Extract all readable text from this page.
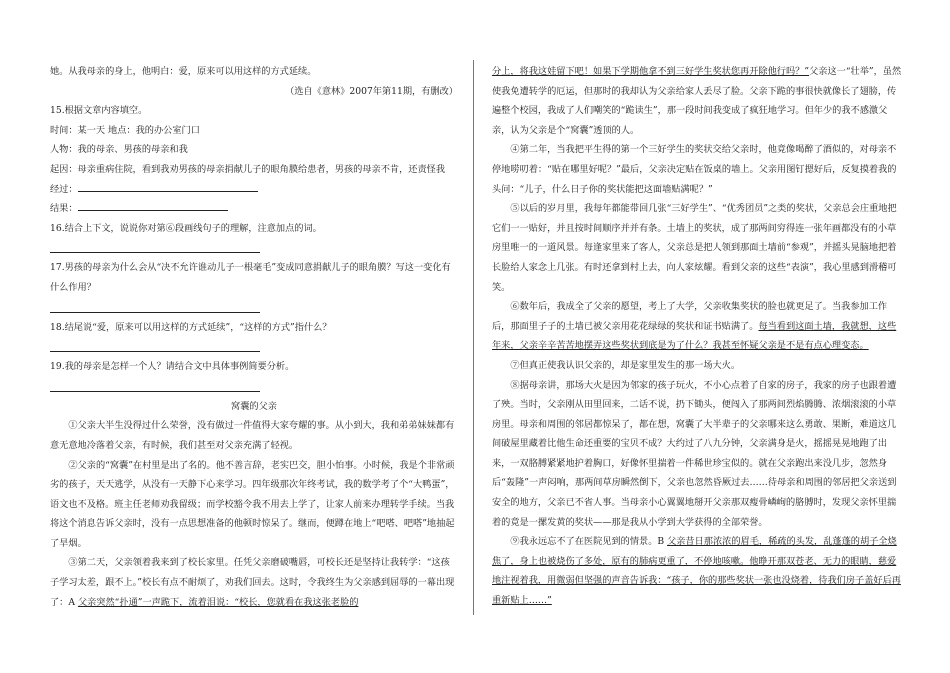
她。从我母亲的身上，他明白：爱，原来可以用这样的方式延续。

（选自《意林》2007年第11期，有删改）

15.根据文章内容填空。

时间：某一天 地点：我的办公室门口

人物：我的母亲、男孩的母亲和我

起因：母亲重病住院，看到我劝男孩的母亲捐献儿子的眼角膜给患者，男孩的母亲不肯，还责怪我

经过：

结果：

16.结合上下文，说说你对第⑥段画线句子的理解，注意加点的词。

17.男孩的母亲为什么会从“决不允许谁动儿子一根毫毛”变成同意捐献儿子的眼角膜？写这一变化有什么作用？

18.结尾说“爱，原来可以用这样的方式延续”，“这样的方式”指什么？

19.我的母亲是怎样一个人？请结合文中具体事例简要分析。

窝囊的父亲

①父亲大半生没得过什么荣誉，没有做过一件值得大家夸耀的事。从小到大，我和弟弟妹妹都有意无意地冷落着父亲，有时候，我们甚至对父亲充满了轻视。

②父亲的“窝囊”在村里是出了名的。他不善言辞，老实巴交，胆小怕事。小时候，我是个非常顽劣的孩子，天天逃学，从没有一天静下心来学习。四年级那次年终考试，我的数学考了个“大鸭蛋”，语文也不及格。班主任老师劝我留级；而学校豁令我不用去上学了，让家人前来办理转学手续。当我将这个消息告诉父亲时，没有一点思想准备的他顿时惊呆了。继而，便蹲在地上“吧嗒、吧嗒”地抽起了旱烟。

③第二天，父亲领着我来到了校长家里。任凭父亲磨破嘴唇，可校长还是坚持让我转学：“这孩子学习太差，跟不上。”校长有点不耐烦了，劝我们回去。这时，令我终生为父亲感到屈辱的一幕出现了：A 父亲突然“扑通”一声跪下，流着泪说：“校长，您就看在我这张老脸的

分上，将我这娃留下吧！如果下学期他拿不到三好学生奖状您再开除他行吗？”父亲这一“壮举”，虽然使我免遭转学的厄运，但那时的我却认为父亲给家人丢尽了脸。父亲下跪的事很快就像长了翅膀，传遍整个校园，我成了人们嘲笑的“跪读生”，那一段时间我变成了疯狂地学习。但年少的我不感激父亲，认为父亲是个“窝囊”透顶的人。

④第二年，当我把平生得的第一个三好学生的奖状交给父亲时，他竟像喝醉了酒似的，对母亲不停地唠叨着：“贴在哪里好呢？”最后，父亲决定贴在饭桌的墙上。父亲用图钉摁好后，反复摸着我的头问：“儿子，什么日子你的奖状能把这面墙贴满呢？”

⑤以后的岁月里，我每年都能带回几张“三好学生”、“优秀团员”之类的奖状，父亲总会庄重地把它们一一贴好，并且按时间顺序并并有条。土墙上的奖状，成了那两间穷得连一张年画都没有的小草房里唯一的一道风景。每逢家里来了客人，父亲总是把人领到那面土墙前“参观”，并摇头晃脑地把着长脸给人家念上几张。有时还拿到村上去，向人家炫耀。看到父亲的这些“表演”，我心里感到滑稽可笑。

⑥数年后，我成全了父亲的愿望，考上了大学，父亲收集奖状的脸也就更足了。当我参加工作后，那面里子子的土墙已被父亲用花花绿绿的奖状和证书贴满了。每当看到这面土墙，我就想，这些年来，父亲辛辛苦苦地摆弄这些奖状到底是为了什么？我甚至怀疑父亲是不是有点心理变态。

⑦但真正使我认识父亲的，却是家里发生的那一场大火。

⑧据母亲讲，那场大火是因为邻家的孩子玩火，不小心点着了自家的房子，我家的房子也跟着遭了殃。当时，父亲刚从田里回来，二话不说，扔下锄头，便闯入了那两间烈焰腾腾、浓烟滚滚的小草房里。母亲和周围的邻居都惊呆了，都在想，窝囊了大半辈子的父亲哪来这么勇敢、果断，难道这几间破屋里藏着比他生命还重要的宝贝不成？大约过了八九分钟，父亲满身是火，摇摇晃晃地跑了出来，一双胳膊紧紧地护着胸口，好像怀里揣着一件稀世珍宝似的。就在父亲跑出来没几步，忽然身后“轰隆”一声闷响，那两间草房瞬然倒下，父亲也忽然昏厥过去……待母亲和周围的邻居把父亲送到安全的地方，父亲已不省人事。当母亲小心翼翼地掰开父亲那双瘦骨嶙峋的胳膊时，发现父亲怀里揣着的竟是一摞发黄的奖状——那是我从小学到大学获得的全部荣誉。

⑨我永远忘不了在医院见到的情景。B 父亲昔日那浓浓的眉毛，稀疏的头发，乱蓬蓬的胡子全烧焦了，身上也被烧伤了多处，原有的肺病更重了，不停地咳嗽。他睁开那双苍老、无力的眼睛，慈爱地注视着我，用微弱但坚强的声音告诉我：“孩子，你的那些奖状一张也没烧着，待我们房子盖好后再重新贴上……”
